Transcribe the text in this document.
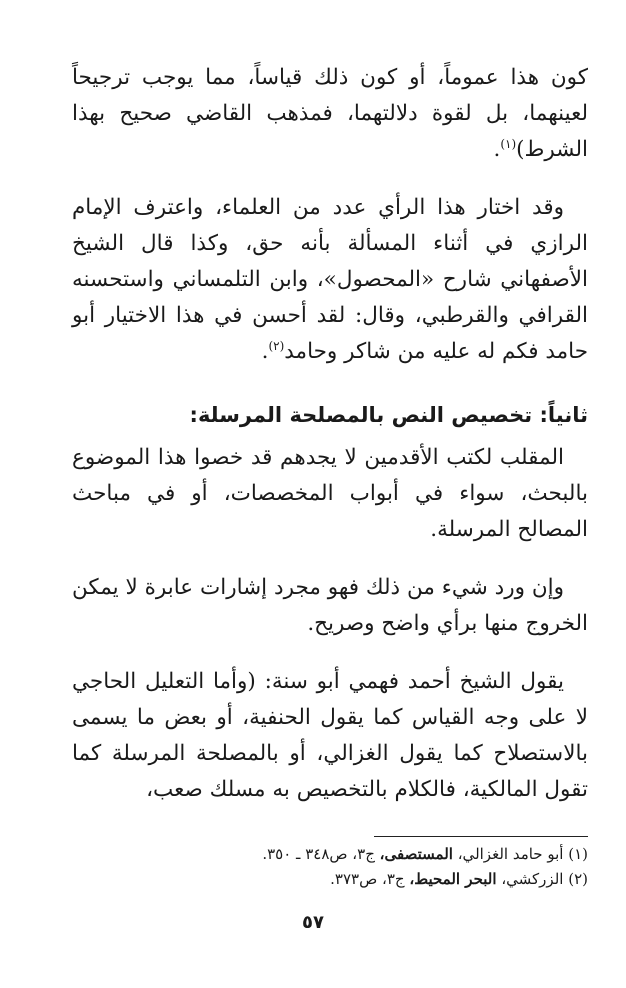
كون هذا عموماً، أو كون ذلك قياساً، مما يوجب ترجيحاً لعينهما، بل لقوة دلالتهما، فمذهب القاضي صحيح بهذا الشرط)$^{(١)}$.

وقد اختار هذا الرأي عدد من العلماء، واعترف الإمام الرازي في أثناء المسألة بأنه حق، وكذا قال الشيخ الأصفهاني شارح «المحصول»، وابن التلمساني واستحسنه القرافي والقرطبي، وقال: لقد أحسن في هذا الاختيار أبو حامد فكم له عليه من شاكر وحامد$^{(٢)}$.

ثانياً: تخصيص النص بالمصلحة المرسلة:

المقلب لكتب الأقدمين لا يجدهم قد خصوا هذا الموضوع بالبحث، سواء في أبواب المخصصات، أو في مباحث المصالح المرسلة.

وإن ورد شيء من ذلك فهو مجرد إشارات عابرة لا يمكن الخروج منها برأي واضح وصريح.

يقول الشيخ أحمد فهمي أبو سنة: (وأما التعليل الحاجي لا على وجه القياس كما يقول الحنفية، أو بعض ما يسمى بالاستصلاح كما يقول الغزالي، أو بالمصلحة المرسلة كما تقول المالكية، فالكلام بالتخصيص به مسلك صعب،

(١) أبو حامد الغزالي، المستصفى، ج٣، ص٣٤٨ ـ ٣٥٠.
(٢) الزركشي، البحر المحيط، ج٣، ص٣٧٣.
٥٧
